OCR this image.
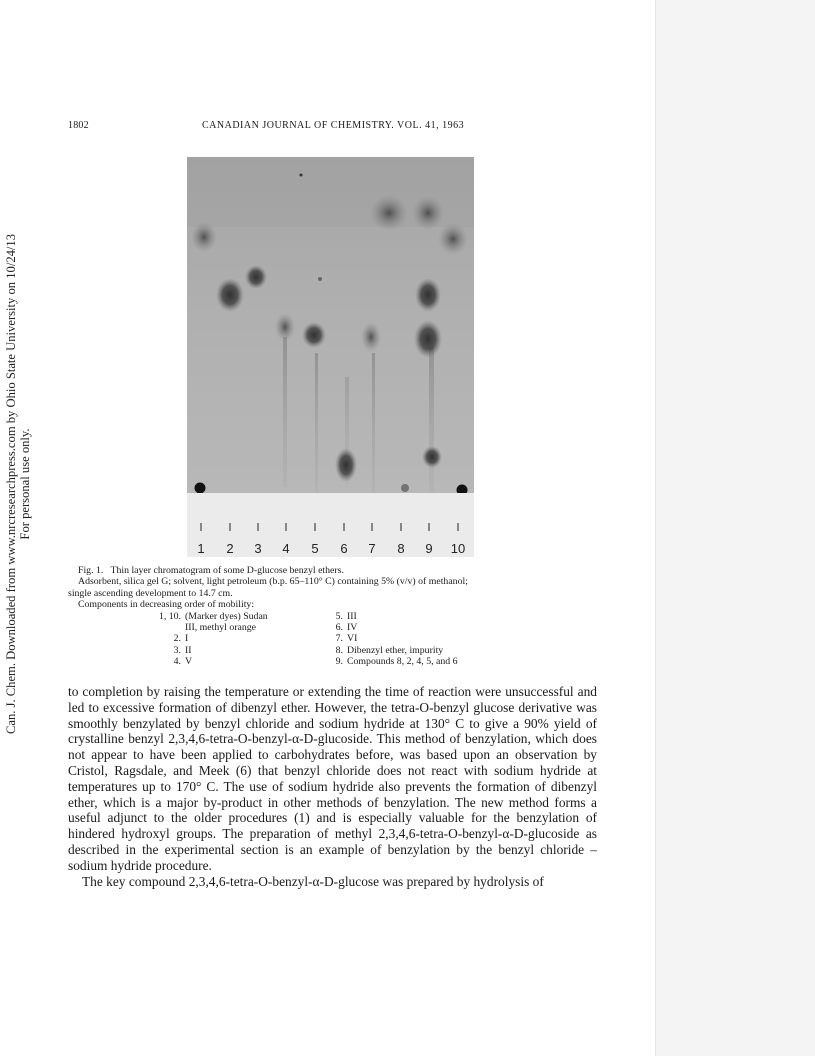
Can. J. Chem. Downloaded from www.nrcresearchpress.com by Ohio State University on 10/24/13 For personal use only.
1802	CANADIAN JOURNAL OF CHEMISTRY. VOL. 41, 1963
1	2	3	4	5	6	7	8	9	10

Fig. 1. Thin layer chromatogram of some D-glucose benzyl ethers.

Adsorbent, silica gel G; solvent, light petroleum (b.p. 65–110° C) containing 5% (v/v) of methanol;

single ascending development to 14.7 cm.

Components in decreasing order of mobility:

1, 10. (Marker dyes) Sudan
III, methyl orange
2. I
3. II
4. V
5. III
6. IV
7. VI
8. Dibenzyl ether, impurity
9. Compounds 8, 2, 4, 5, and 6

to completion by raising the temperature or extending the time of reaction were unsuccessful and led to excessive formation of dibenzyl ether. However, the tetra-O-benzyl glucose derivative was smoothly benzylated by benzyl chloride and sodium hydride at 130° C to give a 90% yield of crystalline benzyl 2,3,4,6-tetra-O-benzyl-α-D-glucoside. This method of benzylation, which does not appear to have been applied to carbohydrates before, was based upon an observation by Cristol, Ragsdale, and Meek (6) that benzyl chloride does not react with sodium hydride at temperatures up to 170° C. The use of sodium hydride also prevents the formation of dibenzyl ether, which is a major by-product in other methods of benzylation. The new method forms a useful adjunct to the older procedures (1) and is especially valuable for the benzylation of hindered hydroxyl groups. The preparation of methyl 2,3,4,6-tetra-O-benzyl-α-D-glucoside as described in the experimental section is an example of benzylation by the benzyl chloride – sodium hydride procedure.

The key compound 2,3,4,6-tetra-O-benzyl-α-D-glucose was prepared by hydrolysis of
